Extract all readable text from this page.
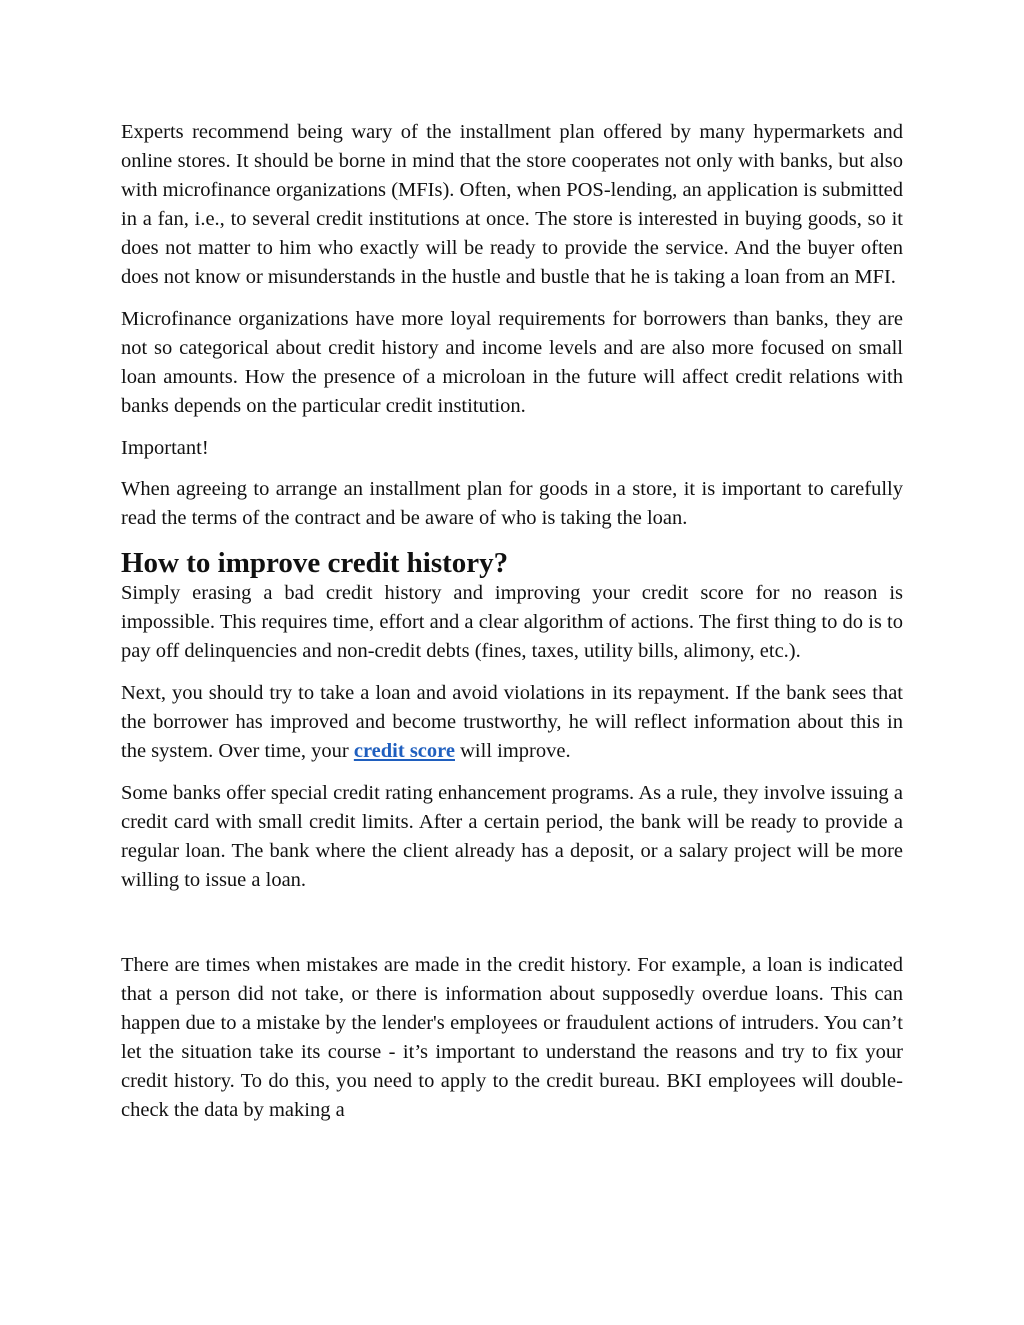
Experts recommend being wary of the installment plan offered by many hypermarkets and online stores. It should be borne in mind that the store cooperates not only with banks, but also with microfinance organizations (MFIs). Often, when POS-lending, an application is submitted in a fan, i.e., to several credit institutions at once. The store is interested in buying goods, so it does not matter to him who exactly will be ready to provide the service. And the buyer often does not know or misunderstands in the hustle and bustle that he is taking a loan from an MFI.

Microfinance organizations have more loyal requirements for borrowers than banks, they are not so categorical about credit history and income levels and are also more focused on small loan amounts. How the presence of a microloan in the future will affect credit relations with banks depends on the particular credit institution.

Important!

When agreeing to arrange an installment plan for goods in a store, it is important to carefully read the terms of the contract and be aware of who is taking the loan.

How to improve credit history?

Simply erasing a bad credit history and improving your credit score for no reason is impossible. This requires time, effort and a clear algorithm of actions. The first thing to do is to pay off delinquencies and non-credit debts (fines, taxes, utility bills, alimony, etc.).

Next, you should try to take a loan and avoid violations in its repayment. If the bank sees that the borrower has improved and become trustworthy, he will reflect information about this in the system. Over time, your credit score will improve.

Some banks offer special credit rating enhancement programs. As a rule, they involve issuing a credit card with small credit limits. After a certain period, the bank will be ready to provide a regular loan. The bank where the client already has a deposit, or a salary project will be more willing to issue a loan.

There are times when mistakes are made in the credit history. For example, a loan is indicated that a person did not take, or there is information about supposedly overdue loans. This can happen due to a mistake by the lender's employees or fraudulent actions of intruders. You can’t let the situation take its course - it’s important to understand the reasons and try to fix your credit history. To do this, you need to apply to the credit bureau. BKI employees will double-check the data by making a
